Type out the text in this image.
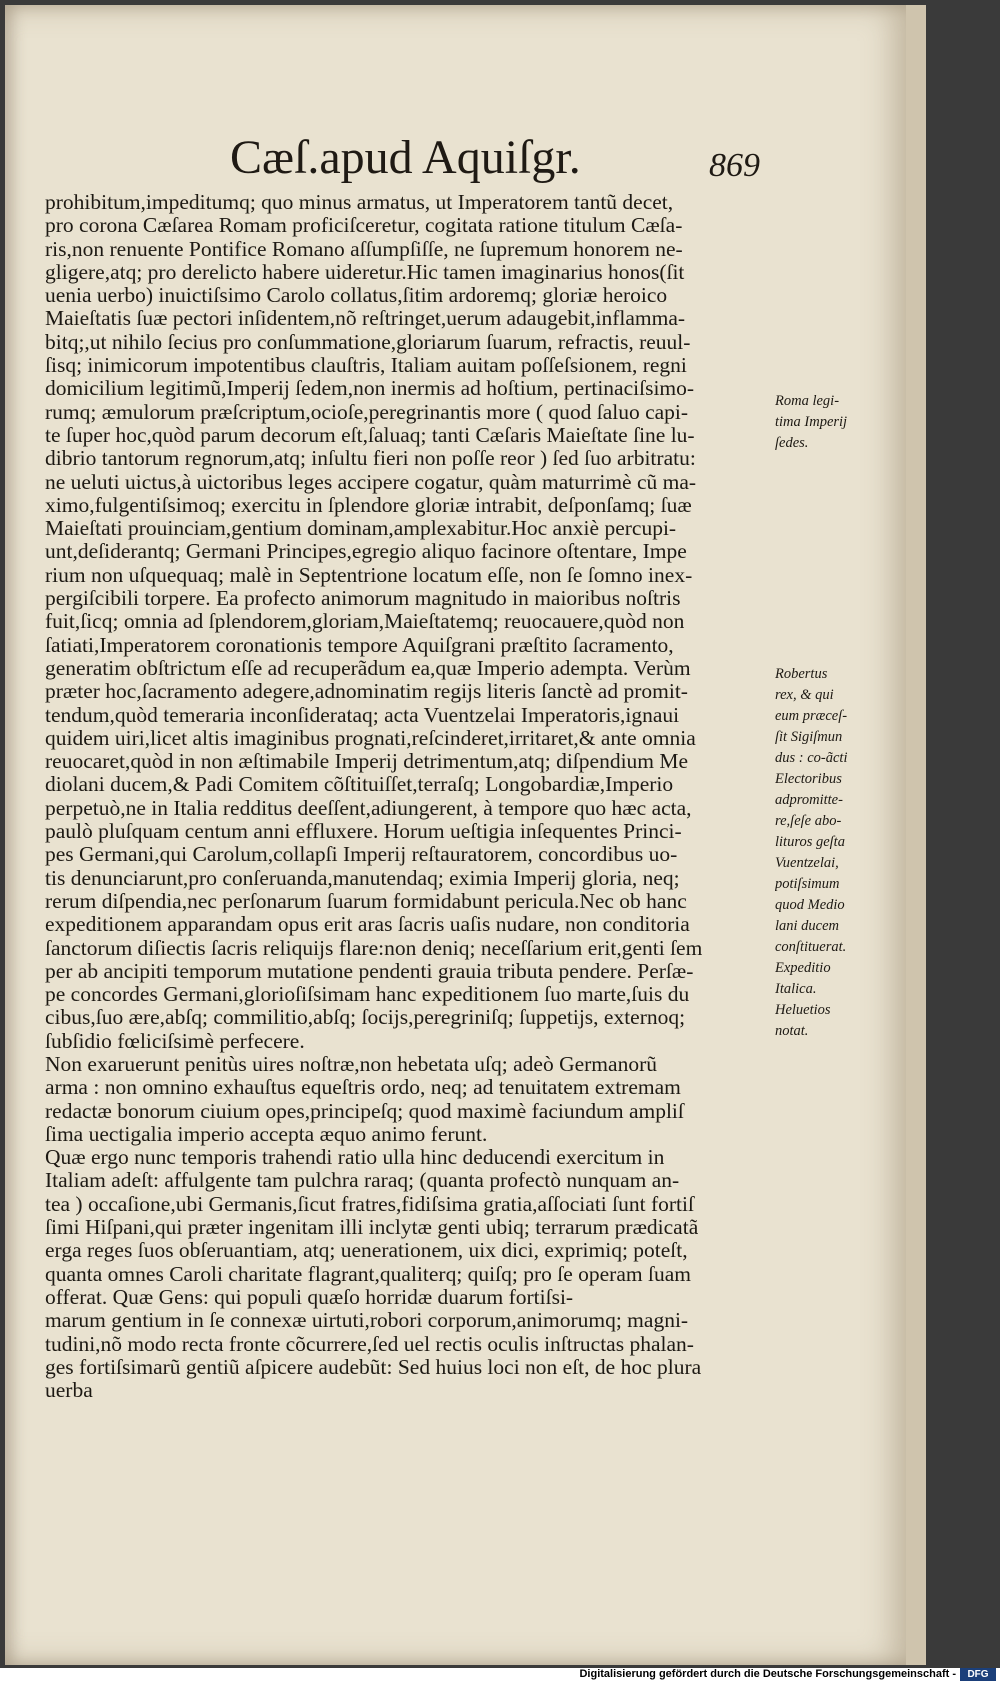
Cæſ.apud Aquiſgr.	869
prohibitum,impeditumq; quo minus armatus, ut Imperatorem tantũ decet,
pro corona Cæſarea Romam proficiſceretur, cogitata ratione titulum Cæſa-
ris,non renuente Pontifice Romano aſſumpſiſſe, ne ſupremum honorem ne-
gligere,atq; pro derelicto habere uideretur.Hic tamen imaginarius honos(ſit
uenia uerbo) inuictiſsimo Carolo collatus,ſitim ardoremq; gloriæ heroico
Maieſtatis ſuæ pectori inſidentem,nõ reſtringet,uerum adaugebit,inflamma-
bitq;,ut nihilo ſecius pro conſummatione,gloriarum ſuarum, refractis, reuul-
ſisq; inimicorum impotentibus clauſtris, Italiam auitam poſſeſsionem, regni
domicilium legitimũ,Imperij ſedem,non inermis ad hoſtium, pertinaciſsimo-
rumq; æmulorum præſcriptum,ocioſe,peregrinantis more ( quod ſaluo capi-
te ſuper hoc,quòd parum decorum eſt,ſaluaq; tanti Cæſaris Maieſtate ſine lu-
dibrio tantorum regnorum,atq; inſultu fieri non poſſe reor ) ſed ſuo arbitratu:
ne ueluti uictus,à uictoribus leges accipere cogatur, quàm maturrimè cũ ma-
ximo,fulgentiſsimoq; exercitu in ſplendore gloriæ intrabit, deſponſamq; ſuæ
Maieſtati prouinciam,gentium dominam,amplexabitur.Hoc anxiè percupi-
unt,deſiderantq; Germani Principes,egregio aliquo facinore oſtentare, Impe
rium non uſquequaq; malè in Septentrione locatum eſſe, non ſe ſomno inex-
pergiſcibili torpere. Ea profecto animorum magnitudo in maioribus noſtris
fuit,ſicq; omnia ad ſplendorem,gloriam,Maieſtatemq; reuocauere,quòd non
ſatiati,Imperatorem coronationis tempore Aquiſgrani præſtito ſacramento,
generatim obſtrictum eſſe ad recuperãdum ea,quæ Imperio adempta. Verùm
præter hoc,ſacramento adegere,adnominatim regijs literis ſanctè ad promit-
tendum,quòd temeraria inconſiderataq; acta Vuentzelai Imperatoris,ignaui
quidem uiri,licet altis imaginibus prognati,reſcinderet,irritaret,& ante omnia
reuocaret,quòd in non æſtimabile Imperij detrimentum,atq; diſpendium Me
diolani ducem,& Padi Comitem cõſtituiſſet,terraſq; Longobardiæ,Imperio
perpetuò,ne in Italia redditus deeſſent,adiungerent, à tempore quo hæc acta,
paulò pluſquam centum anni effluxere. Horum ueſtigia inſequentes Princi-
pes Germani,qui Carolum,collapſi Imperij reſtauratorem, concordibus uo-
tis denunciarunt,pro conſeruanda,manutendaq; eximia Imperij gloria, neq;
rerum diſpendia,nec perſonarum ſuarum formidabunt pericula.Nec ob hanc
expeditionem apparandam opus erit aras ſacris uaſis nudare, non conditoria
ſanctorum diſiectis ſacris reliquijs flare:non deniq; neceſſarium erit,genti ſem
per ab ancipiti temporum mutatione pendenti grauia tributa pendere. Perſæ-
pe concordes Germani,glorioſiſsimam hanc expeditionem ſuo marte,ſuis du
cibus,ſuo ære,abſq; commilitio,abſq; ſocijs,peregriniſq; ſuppetijs, externoq;
ſubſidio fœliciſsimè perfecere.
Non exaruerunt penitùs uires noſtræ,non hebetata uſq; adeò Germanorũ
arma : non omnino exhauſtus equeſtris ordo, neq; ad tenuitatem extremam
redactæ bonorum ciuium opes,principeſq; quod maximè faciundum ampliſ
ſima uectigalia imperio accepta æquo animo ferunt.
Quæ ergo nunc temporis trahendi ratio ulla hinc deducendi exercitum in
Italiam adeſt: affulgente tam pulchra raraq; (quanta profectò nunquam an-
tea ) occaſione,ubi Germanis,ſicut fratres,fidiſsima gratia,aſſociati ſunt fortiſ
ſimi Hiſpani,qui præter ingenitam illi inclytæ genti ubiq; terrarum prædicatã
erga reges ſuos obſeruantiam, atq; uenerationem, uix dici, exprimiq; poteſt,
quanta omnes Caroli charitate flagrant,qualiterq; quiſq; pro ſe operam ſuam
offerat. Quæ Gens: qui populi quæſo horridæ duarum fortiſsi-
marum gentium in ſe connexæ uirtuti,robori corporum,animorumq; magni-
tudini,nõ modo recta fronte cõcurrere,ſed uel rectis oculis inſtructas phalan-
ges fortiſsimarũ gentiũ aſpicere audebũt: Sed huius loci non eſt, de hoc plura
uerba
Roma legi-
tima Imperij
ſedes.
Robertus
rex, & qui
eum præceſ-
ſit Sigiſmun
dus : co-ãcti
Electoribus
adpromitte-
re,ſeſe abo-
lituros geſta
Vuentzelai,
potiſsimum
quod Medio
lani ducem
conſtituerat.
Expeditio
Italica.
Heluetios
notat.
Digitalisierung gefördert durch die Deutsche Forschungsgemeinschaft -	DFG
